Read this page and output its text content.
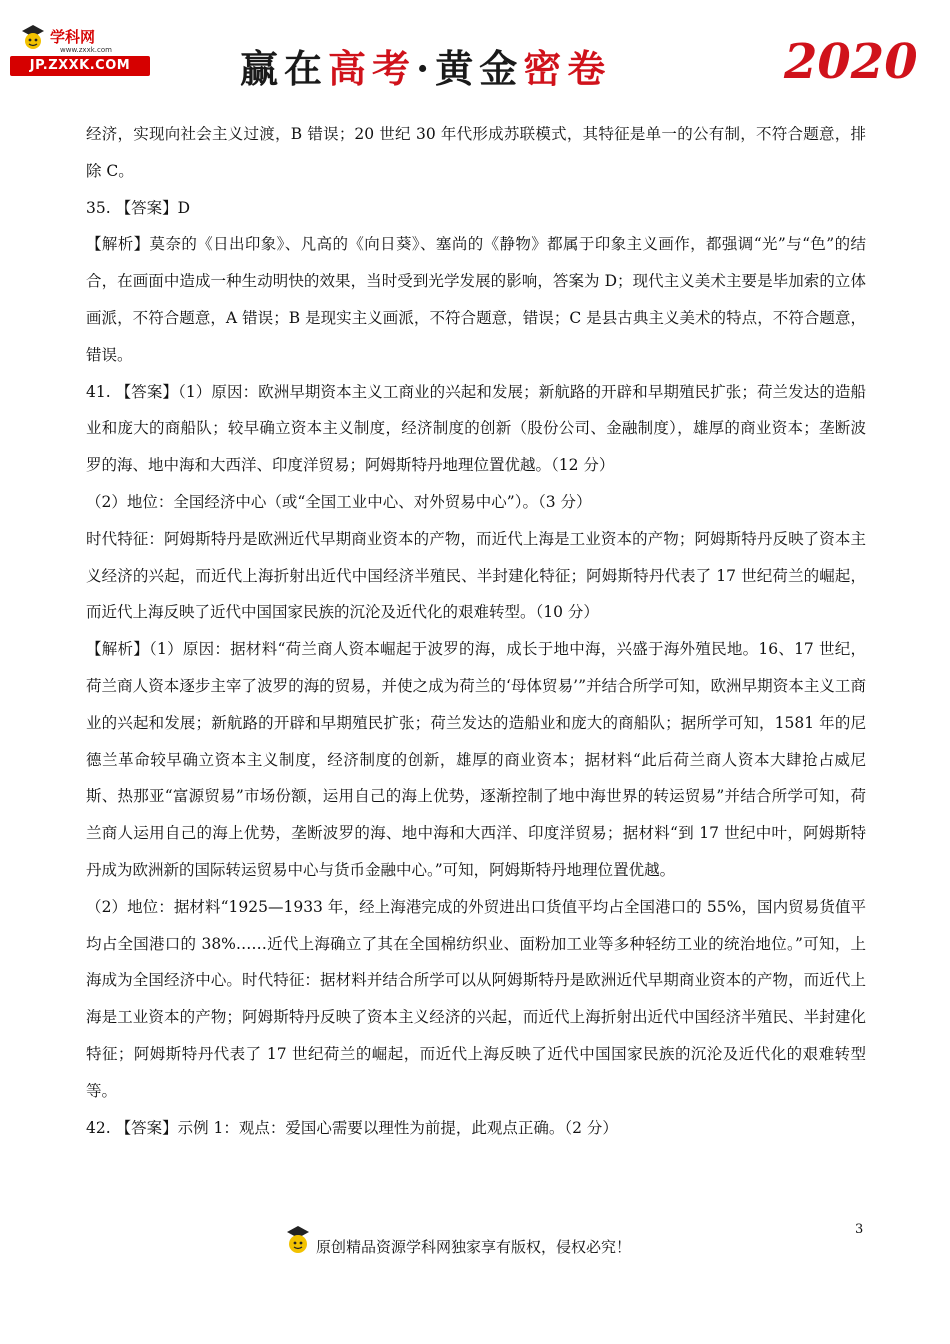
学科网
www.zxxk.com
JP.ZXXK.COM	赢在高考·黄金密卷	2020

经济，实现向社会主义过渡，B 错误；20 世纪 30 年代形成苏联模式，其特征是单一的公有制，不符合题意，排除 C。

35. 【答案】D

【解析】莫奈的《日出印象》、凡高的《向日葵》、塞尚的《静物》都属于印象主义画作，都强调“光”与“色”的结合，在画面中造成一种生动明快的效果，当时受到光学发展的影响，答案为 D；现代主义美术主要是毕加索的立体画派，不符合题意，A 错误；B 是现实主义画派，不符合题意，错误；C 是县古典主义美术的特点，不符合题意，错误。

41. 【答案】（1）原因：欧洲早期资本主义工商业的兴起和发展；新航路的开辟和早期殖民扩张；荷兰发达的造船业和庞大的商船队；较早确立资本主义制度，经济制度的创新（股份公司、金融制度），雄厚的商业资本；垄断波罗的海、地中海和大西洋、印度洋贸易；阿姆斯特丹地理位置优越。（12 分）

（2）地位：全国经济中心（或“全国工业中心、对外贸易中心”）。（3 分）

时代特征：阿姆斯特丹是欧洲近代早期商业资本的产物，而近代上海是工业资本的产物；阿姆斯特丹反映了资本主义经济的兴起，而近代上海折射出近代中国经济半殖民、半封建化特征；阿姆斯特丹代表了 17 世纪荷兰的崛起，而近代上海反映了近代中国国家民族的沉沦及近代化的艰难转型。（10 分）

【解析】（1）原因：据材料“荷兰商人资本崛起于波罗的海，成长于地中海，兴盛于海外殖民地。16、17 世纪，荷兰商人资本逐步主宰了波罗的海的贸易，并使之成为荷兰的‘母体贸易’”并结合所学可知，欧洲早期资本主义工商业的兴起和发展；新航路的开辟和早期殖民扩张；荷兰发达的造船业和庞大的商船队；据所学可知，1581 年的尼德兰革命较早确立资本主义制度，经济制度的创新，雄厚的商业资本；据材料“此后荷兰商人资本大肆抢占威尼斯、热那亚“富源贸易”市场份额，运用自己的海上优势，逐渐控制了地中海世界的转运贸易”并结合所学可知，荷兰商人运用自己的海上优势，垄断波罗的海、地中海和大西洋、印度洋贸易；据材料“到 17 世纪中叶，阿姆斯特丹成为欧洲新的国际转运贸易中心与货币金融中心。”可知，阿姆斯特丹地理位置优越。

（2）地位：据材料“1925—1933 年，经上海港完成的外贸进出口货值平均占全国港口的 55%，国内贸易货值平均占全国港口的 38%……近代上海确立了其在全国棉纺织业、面粉加工业等多种轻纺工业的统治地位。”可知，上海成为全国经济中心。时代特征：据材料并结合所学可以从阿姆斯特丹是欧洲近代早期商业资本的产物，而近代上海是工业资本的产物；阿姆斯特丹反映了资本主义经济的兴起，而近代上海折射出近代中国经济半殖民、半封建化特征；阿姆斯特丹代表了 17 世纪荷兰的崛起，而近代上海反映了近代中国国家民族的沉沦及近代化的艰难转型等。

42. 【答案】示例 1：观点：爱国心需要以理性为前提，此观点正确。（2 分）

3
原创精品资源学科网独家享有版权，侵权必究！
